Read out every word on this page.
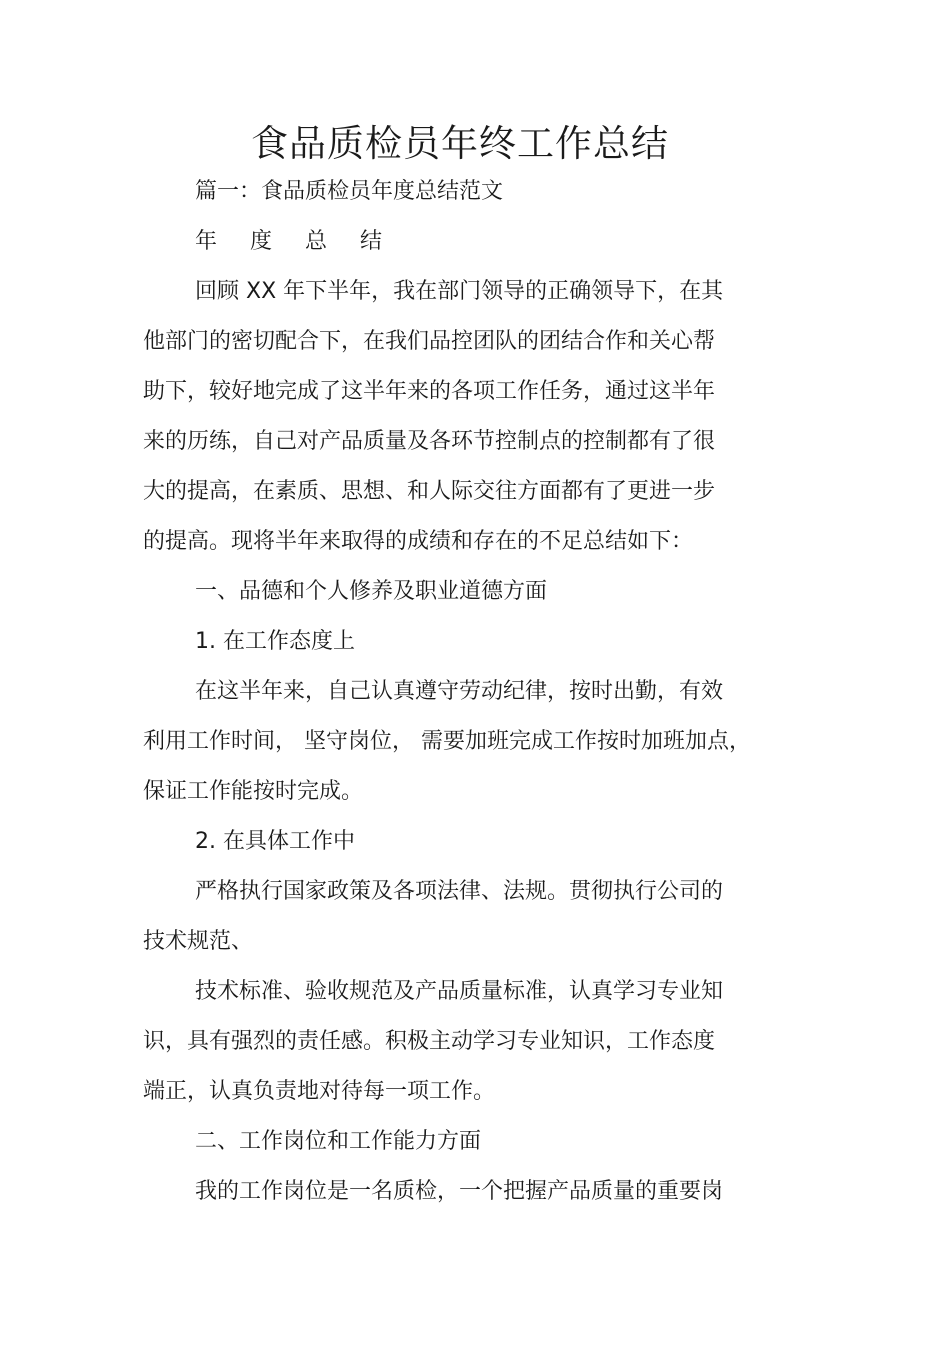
食品质检员年终工作总结
篇一：食品质检员年度总结范文
年 度 总 结
回顾 XX 年下半年，我在部门领导的正确领导下，在其
他部门的密切配合下，在我们品控团队的团结合作和关心帮
助下，较好地完成了这半年来的各项工作任务，通过这半年
来的历练，自己对产品质量及各环节控制点的控制都有了很
大的提高，在素质、思想、和人际交往方面都有了更进一步
的提高。现将半年来取得的成绩和存在的不足总结如下：
一、品德和个人修养及职业道德方面
1. 在工作态度上
在这半年来，自己认真遵守劳动纪律，按时出勤，有效
利用工作时间， 坚守岗位， 需要加班完成工作按时加班加点，
保证工作能按时完成。
2. 在具体工作中
严格执行国家政策及各项法律、法规。贯彻执行公司的
技术规范、
技术标准、验收规范及产品质量标准，认真学习专业知
识，具有强烈的责任感。积极主动学习专业知识，工作态度
端正，认真负责地对待每一项工作。
二、工作岗位和工作能力方面
我的工作岗位是一名质检，一个把握产品质量的重要岗
